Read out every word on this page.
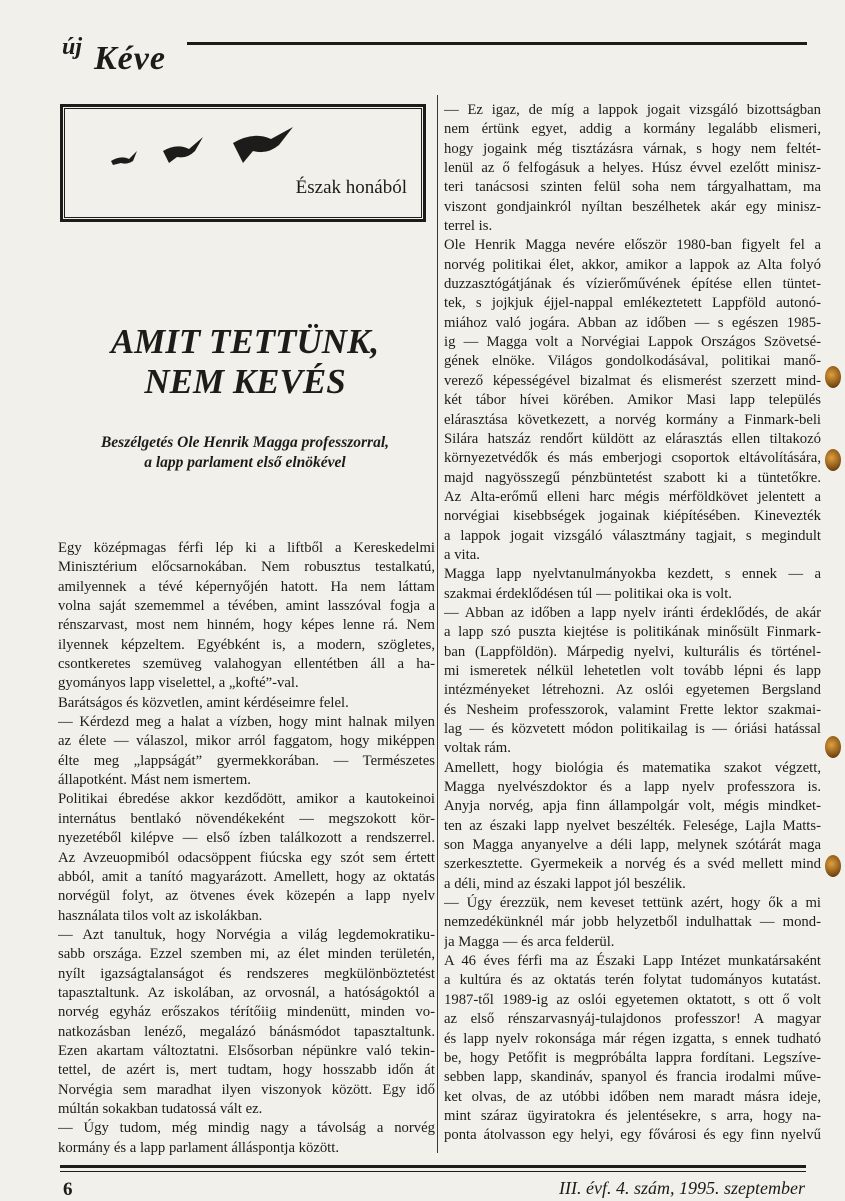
új Kéve
Észak honából
AMIT TETTÜNK,
NEM KEVÉS
Beszélgetés Ole Henrik Magga professzorral,
a lapp parlament első elnökével
Egy középmagas férfi lép ki a liftből a Kereskedelmi
Minisztérium előcsarnokában. Nem robusztus testalkatú,
amilyennek a tévé képernyőjén hatott. Ha nem láttam
volna saját szememmel a tévében, amint lasszóval fogja a
rénszarvast, most nem hinném, hogy képes lenne rá. Nem
ilyennek képzeltem. Egyébként is, a modern, szögletes,
csontkeretes szemüveg valahogyan ellentétben áll a ha-
gyományos lapp viselettel, a „kofté”-val.
Barátságos és közvetlen, amint kérdéseimre felel.
— Kérdezd meg a halat a vízben, hogy mint halnak milyen
az élete — válaszol, mikor arról faggatom, hogy miképpen
élte meg „lappságát” gyermekkorában. — Természetes
állapotként. Mást nem ismertem.
Politikai ébredése akkor kezdődött, amikor a kautokeinoi
internátus bentlakó növendékeként — megszokott kör-
nyezetéből kilépve — első ízben találkozott a rendszerrel.
Az Avzeuopmiból odacsöppent fiúcska egy szót sem értett
abból, amit a tanító magyarázott. Amellett, hogy az oktatás
norvégül folyt, az ötvenes évek közepén a lapp nyelv
használata tilos volt az iskolákban.
— Azt tanultuk, hogy Norvégia a világ legdemokratiku-
sabb országa. Ezzel szemben mi, az élet minden területén,
nyílt igazságtalanságot és rendszeres megkülönböztetést
tapasztaltunk. Az iskolában, az orvosnál, a hatóságoktól a
norvég egyház erőszakos térítőiig mindenütt, minden vo-
natkozásban lenéző, megalázó bánásmódot tapasztaltunk.
Ezen akartam változtatni. Elsősorban népünkre való tekin-
tettel, de azért is, mert tudtam, hogy hosszabb időn át
Norvégia sem maradhat ilyen viszonyok között. Egy idő
múltán sokakban tudatossá vált ez.
— Úgy tudom, még mindig nagy a távolság a norvég
kormány és a lapp parlament álláspontja között.
— Ez igaz, de míg a lappok jogait vizsgáló bizottságban
nem értünk egyet, addig a kormány legalább elismeri,
hogy jogaink még tisztázásra várnak, s hogy nem feltét-
lenül az ő felfogásuk a helyes. Húsz évvel ezelőtt minisz-
teri tanácsosi szinten felül soha nem tárgyalhattam, ma
viszont gondjainkról nyíltan beszélhetek akár egy minisz-
terrel is.
Ole Henrik Magga nevére először 1980-ban figyelt fel a
norvég politikai élet, akkor, amikor a lappok az Alta folyó
duzzasztógátjának és vízierőművének építése ellen tüntet-
tek, s jojkjuk éjjel-nappal emlékeztetett Lappföld autonó-
miához való jogára. Abban az időben — s egészen 1985-
ig — Magga volt a Norvégiai Lappok Országos Szövetsé-
gének elnöke. Világos gondolkodásával, politikai manő-
verező képességével bizalmat és elismerést szerzett mind-
két tábor hívei körében. Amikor Masi lapp település
elárasztása következett, a norvég kormány a Finmark-beli
Silára hatszáz rendőrt küldött az elárasztás ellen tiltakozó
környezetvédők és más emberjogi csoportok eltávolítására,
majd nagyösszegű pénzbüntetést szabott ki a tüntetőkre.
Az Alta-erőmű elleni harc mégis mérföldkövet jelentett a
norvégiai kisebbségek jogainak kiépítésében. Kinevezték
a lappok jogait vizsgáló választmány tagjait, s megindult
a vita.
Magga lapp nyelvtanulmányokba kezdett, s ennek — a
szakmai érdeklődésen túl — politikai oka is volt.
— Abban az időben a lapp nyelv iránti érdeklődés, de akár
a lapp szó puszta kiejtése is politikának minősült Finmark-
ban (Lappföldön). Márpedig nyelvi, kulturális és történel-
mi ismeretek nélkül lehetetlen volt tovább lépni és lapp
intézményeket létrehozni. Az oslói egyetemen Bergsland
és Nesheim professzorok, valamint Frette lektor szakmai-
lag — és közvetett módon politikailag is — óriási hatással
voltak rám.
Amellett, hogy biológia és matematika szakot végzett,
Magga nyelvészdoktor és a lapp nyelv professzora is.
Anyja norvég, apja finn állampolgár volt, mégis mindket-
ten az északi lapp nyelvet beszélték. Felesége, Lajla Matts-
son Magga anyanyelve a déli lapp, melynek szótárát maga
szerkesztette. Gyermekeik a norvég és a svéd mellett mind
a déli, mind az északi lappot jól beszélik.
— Úgy érezzük, nem keveset tettünk azért, hogy ők a mi
nemzedékünknél már jobb helyzetből indulhattak — mond-
ja Magga — és arca felderül.
A 46 éves férfi ma az Északi Lapp Intézet munkatársaként
a kultúra és az oktatás terén folytat tudományos kutatást.
1987-től 1989-ig az oslói egyetemen oktatott, s ott ő volt
az első rénszarvasnyáj-tulajdonos professzor! A magyar
és lapp nyelv rokonsága már régen izgatta, s ennek tudható
be, hogy Petőfit is megpróbálta lappra fordítani. Legszíve-
sebben lapp, skandináv, spanyol és francia irodalmi műve-
ket olvas, de az utóbbi időben nem maradt másra ideje,
mint száraz ügyiratokra és jelentésekre, s arra, hogy na-
ponta átolvasson egy helyi, egy fővárosi és egy finn nyelvű
6	III. évf. 4. szám, 1995. szeptember
